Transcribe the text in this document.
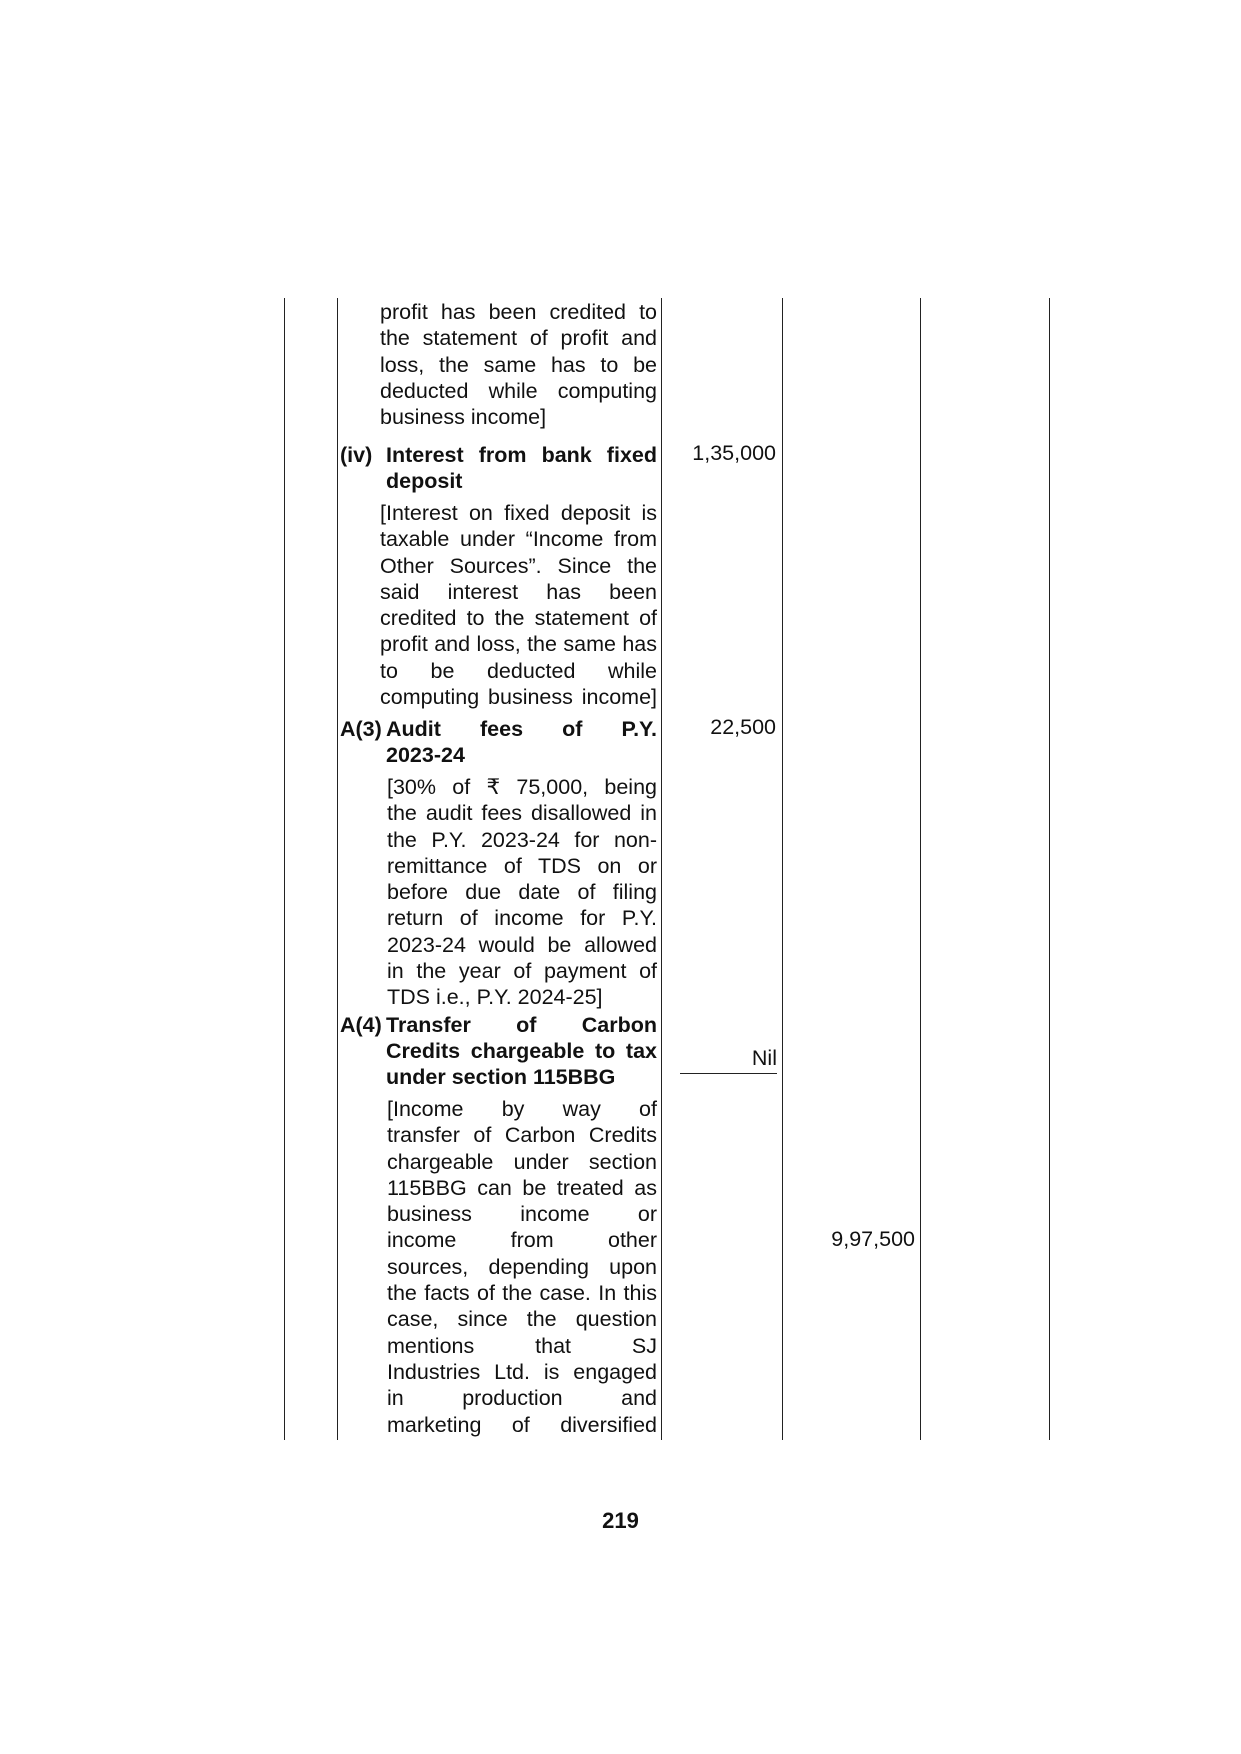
profit has been credited to
the statement of profit and
loss, the same has to be
deducted while computing
business income]
(iv) Interest from bank fixed
deposit
1,35,000
[Interest on fixed deposit is
taxable under “Income from
Other Sources”. Since the
said interest has been
credited to the statement of
profit and loss, the same has
to be deducted while
computing business income]
A(3) Audit fees of P.Y.
2023-24
22,500
[30% of ₹ 75,000, being
the audit fees disallowed in
the P.Y. 2023-24 for non-
remittance of TDS on or
before due date of filing
return of income for P.Y.
2023-24 would be allowed
in the year of payment of
TDS i.e., P.Y. 2024-25]
A(4) Transfer of Carbon
Credits chargeable to tax
under section 115BBG
Nil
[Income by way of
transfer of Carbon Credits
chargeable under section
115BBG can be treated as
business income or
income from other
sources, depending upon
the facts of the case. In this
case, since the question
mentions that SJ
Industries Ltd. is engaged
in production and
marketing of diversified
9,97,500
219
